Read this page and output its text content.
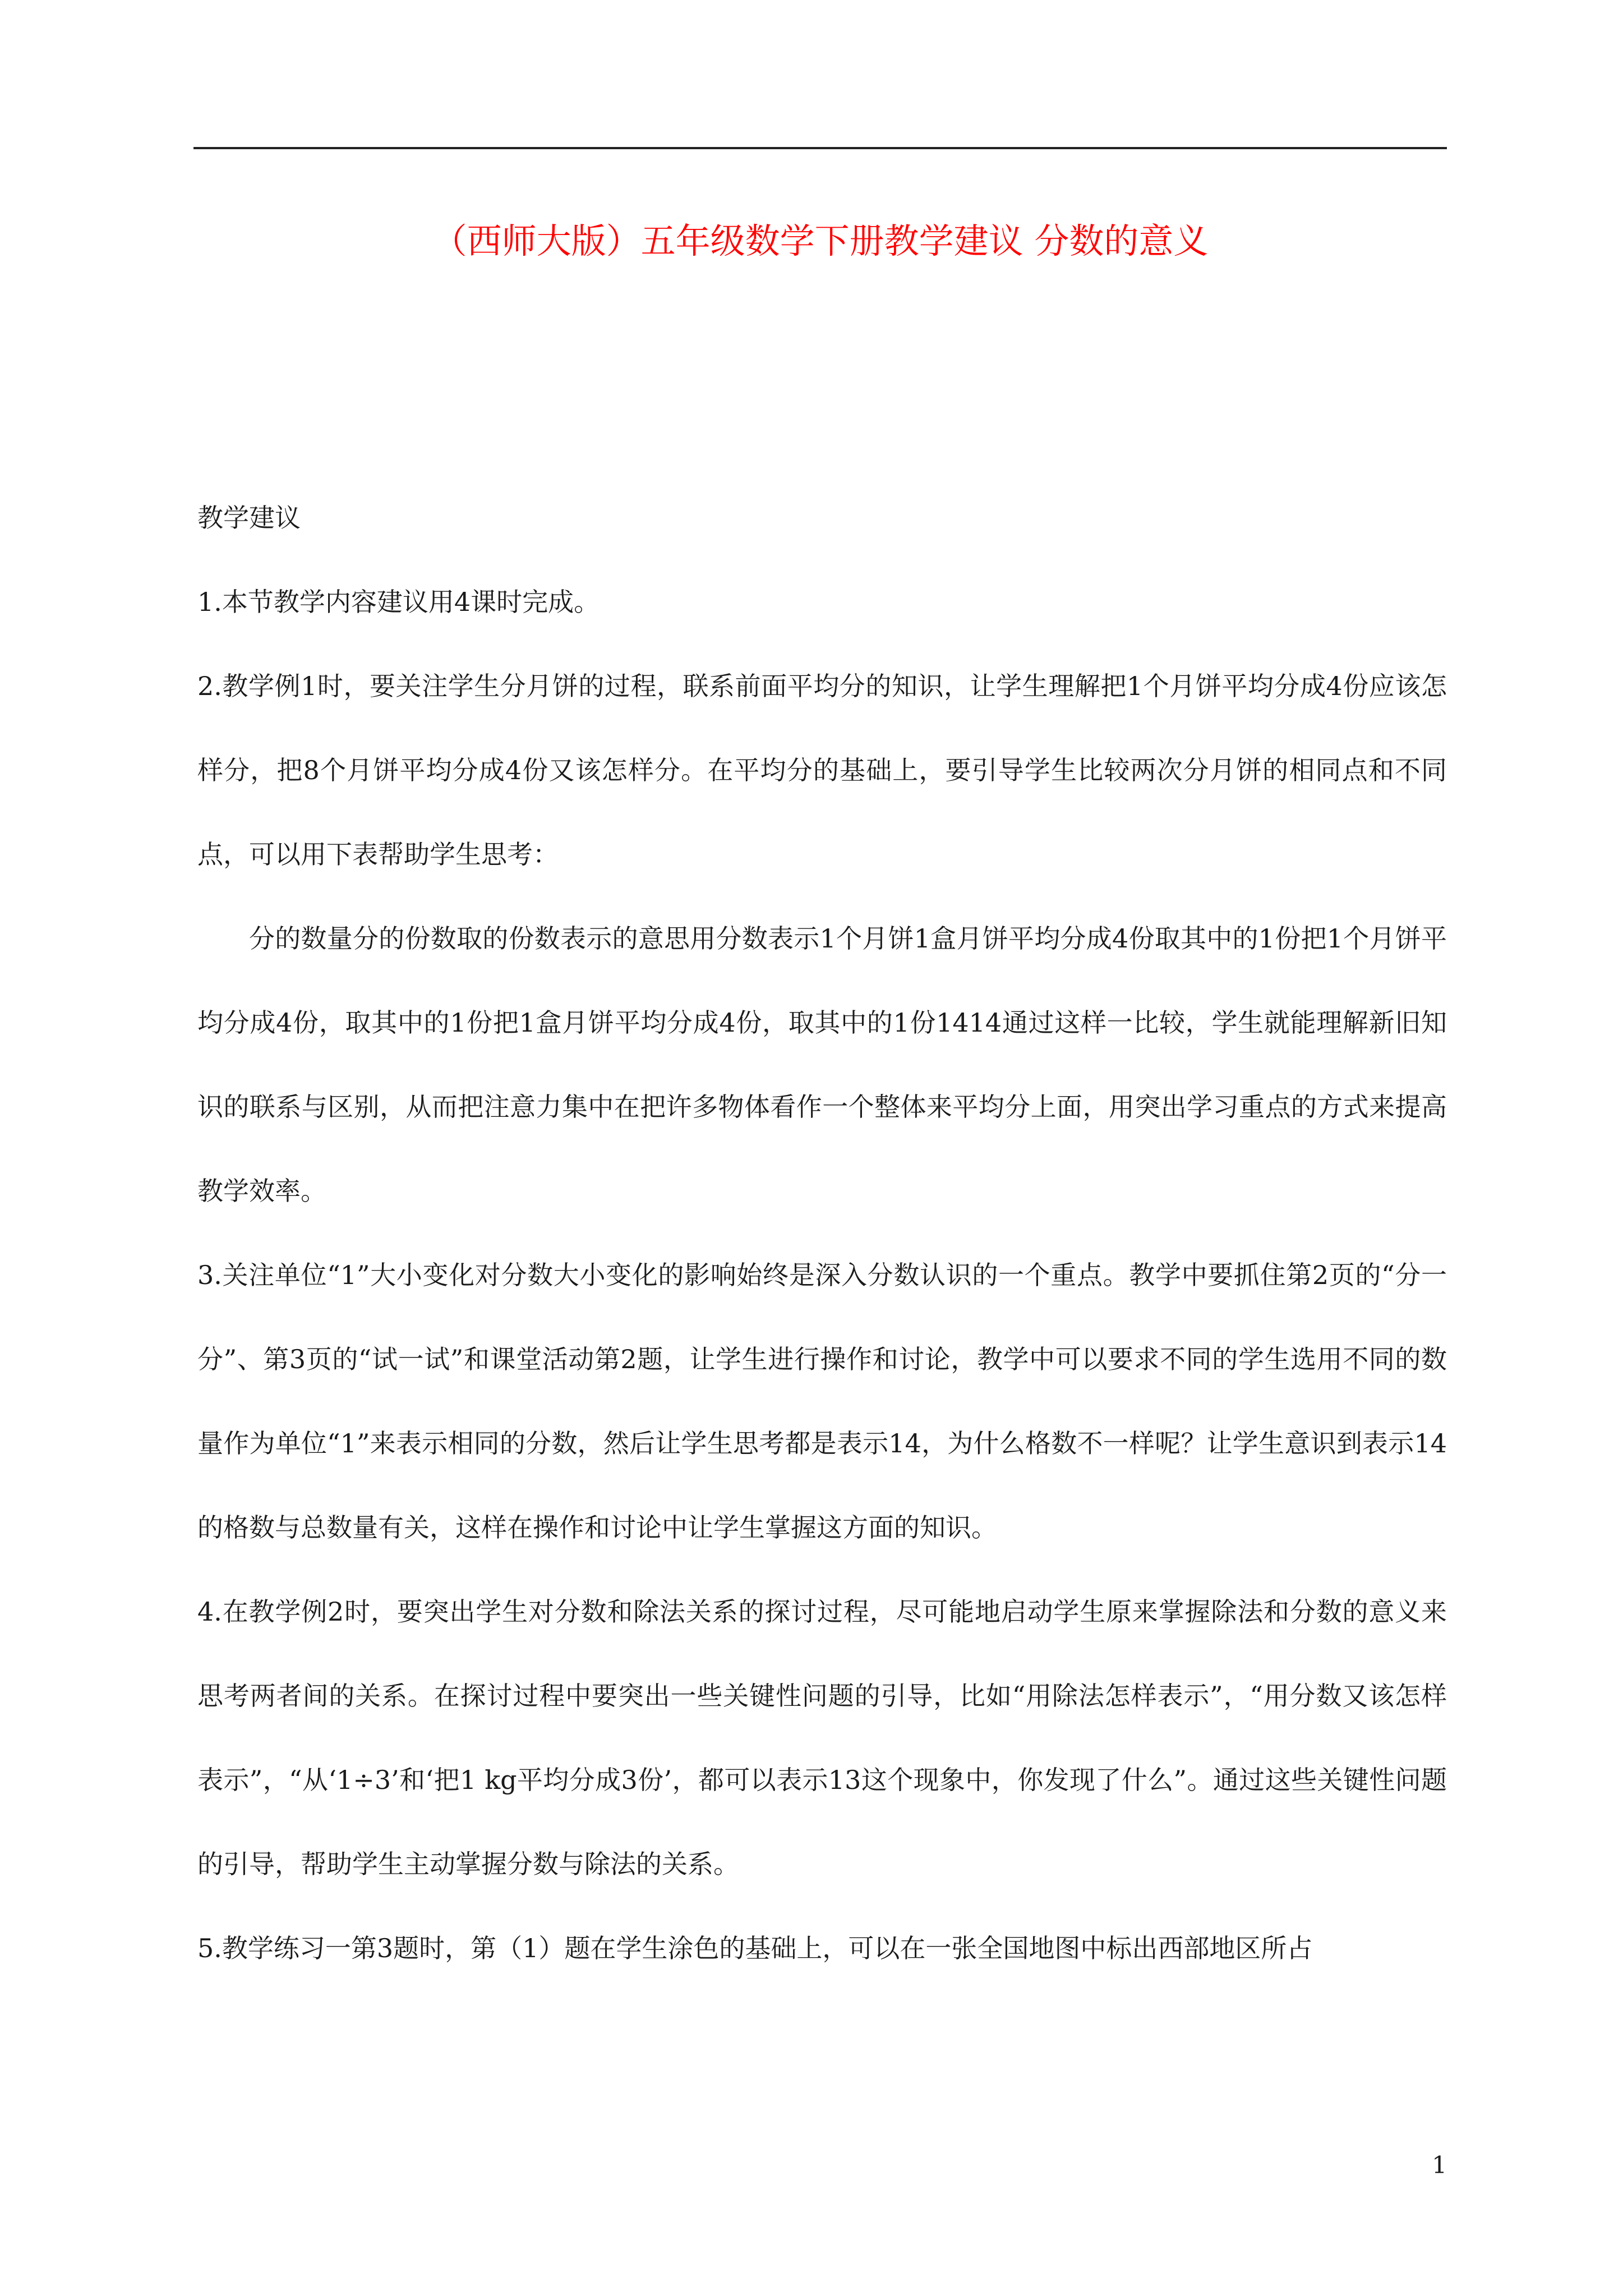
（西师大版）五年级数学下册教学建议 分数的意义

教学建议

1.本节教学内容建议用4课时完成。

2.教学例1时，要关注学生分月饼的过程，联系前面平均分的知识，让学生理解把1个月饼平均分成4份应该怎样分，把8个月饼平均分成4份又该怎样分。在平均分的基础上，要引导学生比较两次分月饼的相同点和不同点，可以用下表帮助学生思考：

分的数量分的份数取的份数表示的意思用分数表示1个月饼1盒月饼平均分成4份取其中的1份把1个月饼平均分成4份，取其中的1份把1盒月饼平均分成4份，取其中的1份1414通过这样一比较，学生就能理解新旧知识的联系与区别，从而把注意力集中在把许多物体看作一个整体来平均分上面，用突出学习重点的方式来提高教学效率。

3.关注单位“1”大小变化对分数大小变化的影响始终是深入分数认识的一个重点。教学中要抓住第2页的“分一分”、第3页的“试一试”和课堂活动第2题，让学生进行操作和讨论，教学中可以要求不同的学生选用不同的数量作为单位“1”来表示相同的分数，然后让学生思考都是表示14，为什么格数不一样呢？让学生意识到表示14的格数与总数量有关，这样在操作和讨论中让学生掌握这方面的知识。

4.在教学例2时，要突出学生对分数和除法关系的探讨过程，尽可能地启动学生原来掌握除法和分数的意义来思考两者间的关系。在探讨过程中要突出一些关键性问题的引导，比如“用除法怎样表示”，“用分数又该怎样表示”，“从‘1÷3’和‘把1 kg平均分成3份’，都可以表示13这个现象中，你发现了什么”。通过这些关键性问题的引导，帮助学生主动掌握分数与除法的关系。

5.教学练习一第3题时，第（1）题在学生涂色的基础上，可以在一张全国地图中标出西部地区所占

1
